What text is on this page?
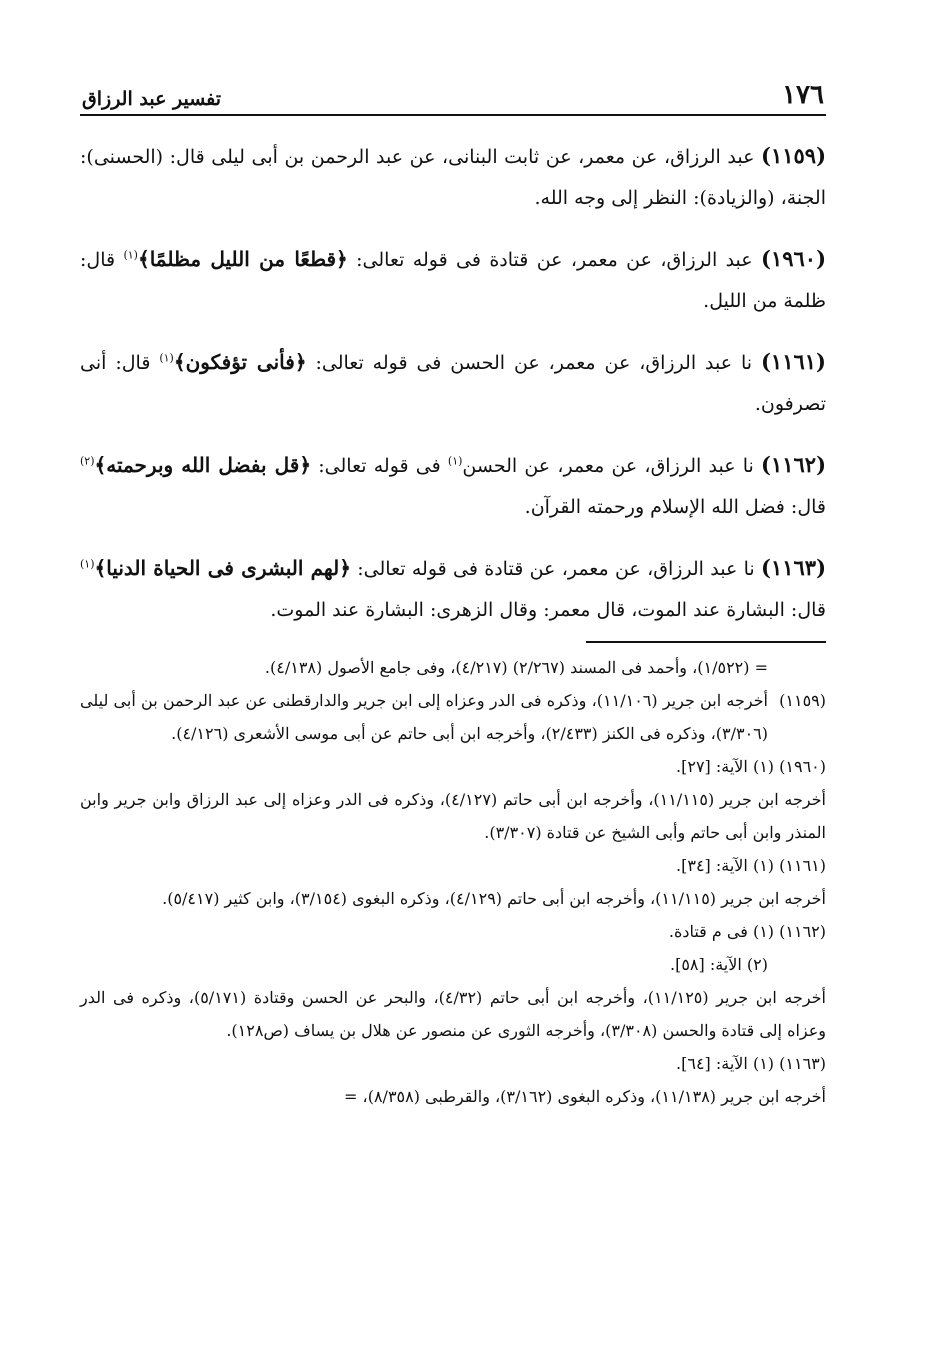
١٧٦
تفسير عبد الرزاق

(١١٥٩) عبد الرزاق، عن معمر، عن ثابت البنانى، عن عبد الرحمن بن أبى ليلى قال: (الحسنى): الجنة، (والزيادة): النظر إلى وجه الله.

(١٩٦٠) عبد الرزاق، عن معمر، عن قتادة فى قوله تعالى: ﴿قطعًا من الليل مظلمًا﴾$^{(١)}$ قال: ظلمة من الليل.

(١١٦١) نا عبد الرزاق، عن معمر، عن الحسن فى قوله تعالى: ﴿فأنى تؤفكون﴾$^{(١)}$ قال: أنى تصرفون.

(١١٦٢) نا عبد الرزاق، عن معمر، عن الحسن$^{(١)}$ فى قوله تعالى: ﴿قل بفضل الله وبرحمته﴾$^{(٢)}$ قال: فضل الله الإسلام ورحمته القرآن.

(١١٦٣) نا عبد الرزاق، عن معمر، عن قتادة فى قوله تعالى: ﴿لهم البشرى فى الحياة الدنيا﴾$^{(١)}$ قال: البشارة عند الموت، قال معمر: وقال الزهرى: البشارة عند الموت.

= (١/٥٢٢)، وأحمد فى المسند (٢/٢٦٧) (٤/٢١٧)، وفى جامع الأصول (٤/١٣٨).
(١١٥٩)
أخرجه ابن جرير (١١/١٠٦)، وذكره فى الدر وعزاه إلى ابن جرير والدارقطنى عن عبد الرحمن بن أبى ليلى (٣/٣٠٦)، وذكره فى الكنز (٢/٤٣٣)، وأخرجه ابن أبى حاتم عن أبى موسى الأشعرى (٤/١٢٦).
(١٩٦٠) (١) الآية: [٢٧].
أخرجه ابن جرير (١١/١١٥)، وأخرجه ابن أبى حاتم (٤/١٢٧)، وذكره فى الدر وعزاه إلى عبد الرزاق وابن جرير وابن المنذر وابن أبى حاتم وأبى الشيخ عن قتادة (٣/٣٠٧).
(١١٦١) (١) الآية: [٣٤].
أخرجه ابن جرير (١١/١١٥)، وأخرجه ابن أبى حاتم (٤/١٢٩)، وذكره البغوى (٣/١٥٤)، وابن كثير (٥/٤١٧).
(١١٦٢) (١) فى م قتادة.
(٢) الآية: [٥٨].
أخرجه ابن جرير (١١/١٢٥)، وأخرجه ابن أبى حاتم (٤/٣٢)، والبحر عن الحسن وقتادة (٥/١٧١)، وذكره فى الدر وعزاه إلى قتادة والحسن (٣/٣٠٨)، وأخرجه الثورى عن منصور عن هلال بن يساف (ص١٢٨).
(١١٦٣) (١) الآية: [٦٤].
أخرجه ابن جرير (١١/١٣٨)، وذكره البغوى (٣/١٦٢)، والقرطبى (٨/٣٥٨)، =
